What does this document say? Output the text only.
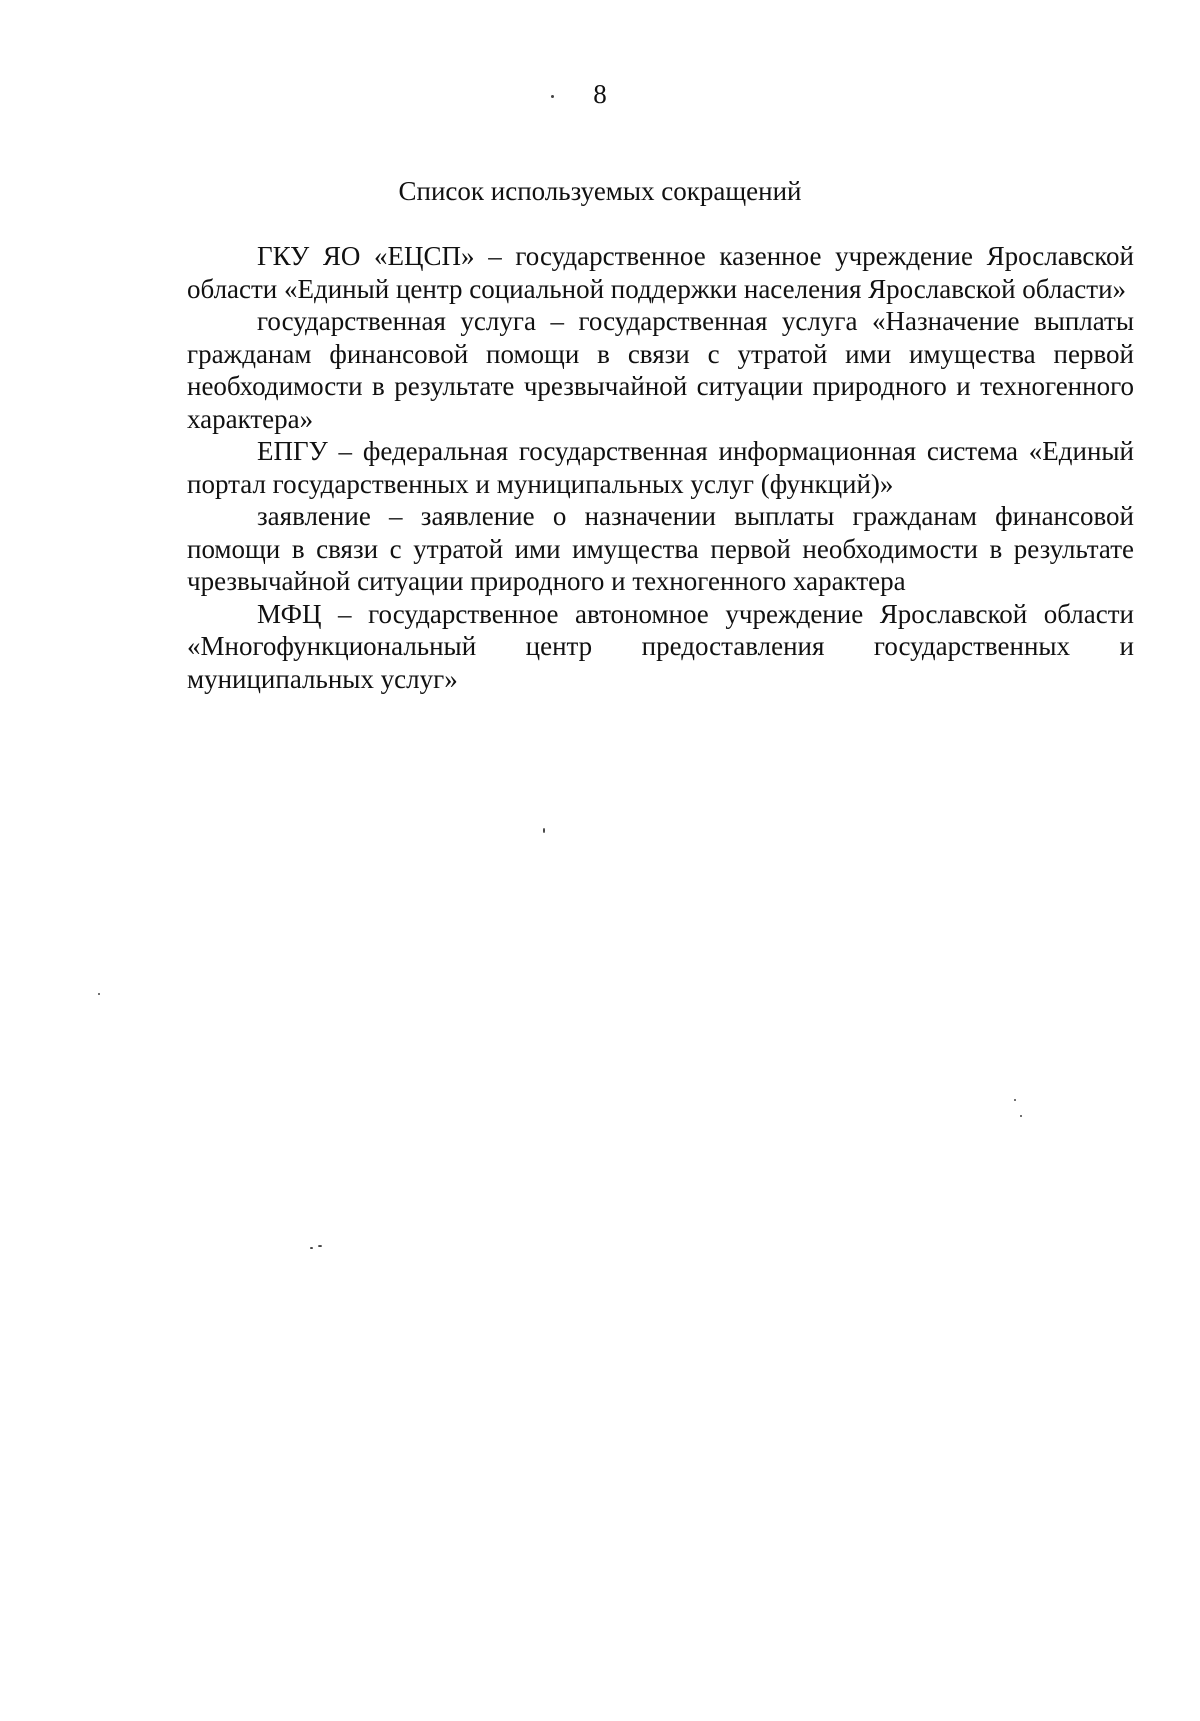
8
Список используемых сокращений

ГКУ ЯО «ЕЦСП» – государственное казенное учреждение Ярославской области «Единый центр социальной поддержки населения Ярославской области»

государственная услуга – государственная услуга «Назначение выплаты гражданам финансовой помощи в связи с утратой ими имущества первой необходимости в результате чрезвычайной ситуации природного и техногенного характера»

ЕПГУ – федеральная государственная информационная система «Единый портал государственных и муниципальных услуг (функций)»

заявление – заявление о назначении выплаты гражданам финансовой помощи в связи с утратой ими имущества первой необходимости в результате чрезвычайной ситуации природного и техногенного характера

МФЦ – государственное автономное учреждение Ярославской области «Многофункциональный центр предоставления государственных и муниципальных услуг»
